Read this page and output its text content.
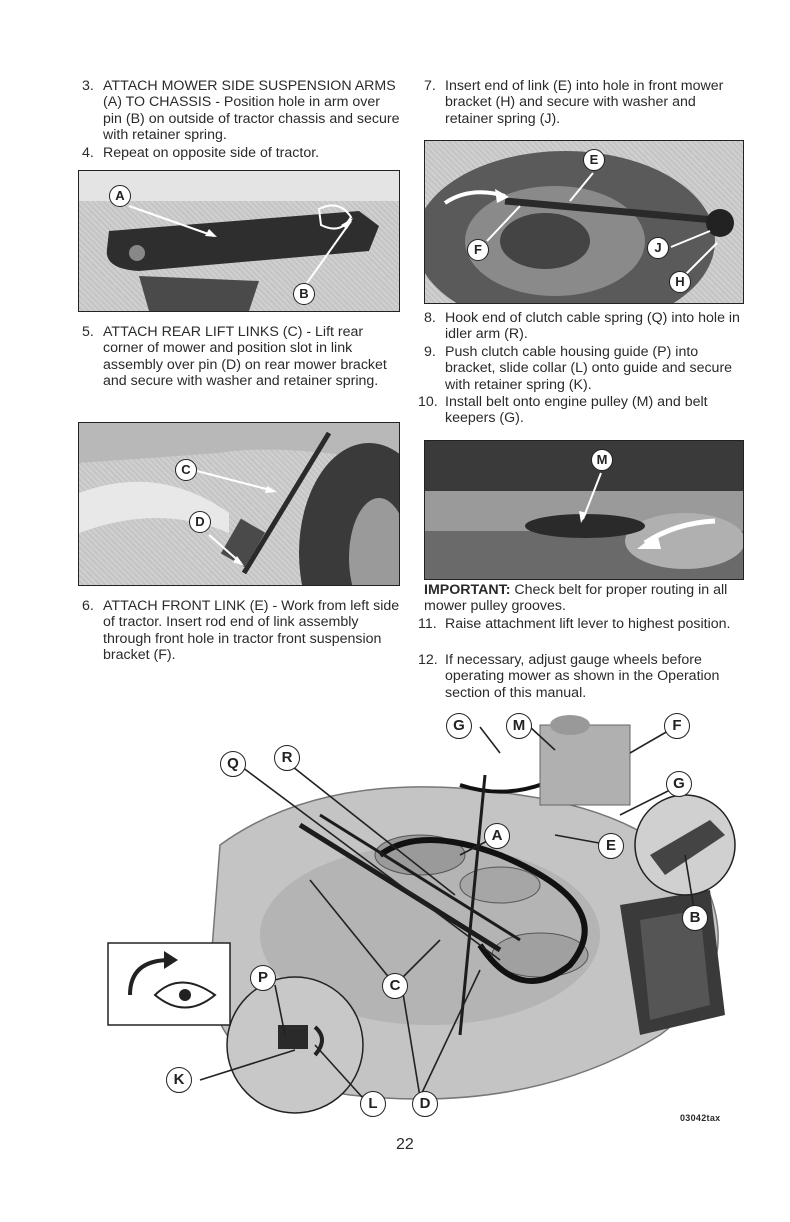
3. ATTACH MOWER SIDE SUSPENSION ARMS (A) TO CHASSIS - Position hole in arm over pin (B) on outside of tractor chassis and secure with retainer spring.
4. Repeat on opposite side of tractor.
A
B
5. ATTACH REAR LIFT LINKS (C) - Lift rear corner of mower and position slot in link assembly over pin (D) on rear mower bracket and secure with washer and retainer spring.
C
D
6. ATTACH FRONT LINK (E) - Work from left side of tractor. Insert rod end of link assembly through front hole in tractor front suspension bracket (F).
7. Insert end of link (E) into hole in front mower bracket (H) and secure with washer and retainer spring (J).
E
F	J
H
8. Hook end of clutch cable spring (Q) into hole in idler arm (R).
9. Push clutch cable housing guide (P) into bracket, slide collar (L) onto guide and secure with retainer spring (K).
10. Install belt onto engine pulley (M) and belt keepers (G).
M
IMPORTANT: Check belt for proper routing in all mower pulley grooves.
11. Raise attachment lift lever to highest position.
12. If necessary, adjust gauge wheels before operating mower as shown in the Operation section of this manual.
Q	R
G	M	F
G
E
A
B
P	C
K
L	D
03042tax
22
